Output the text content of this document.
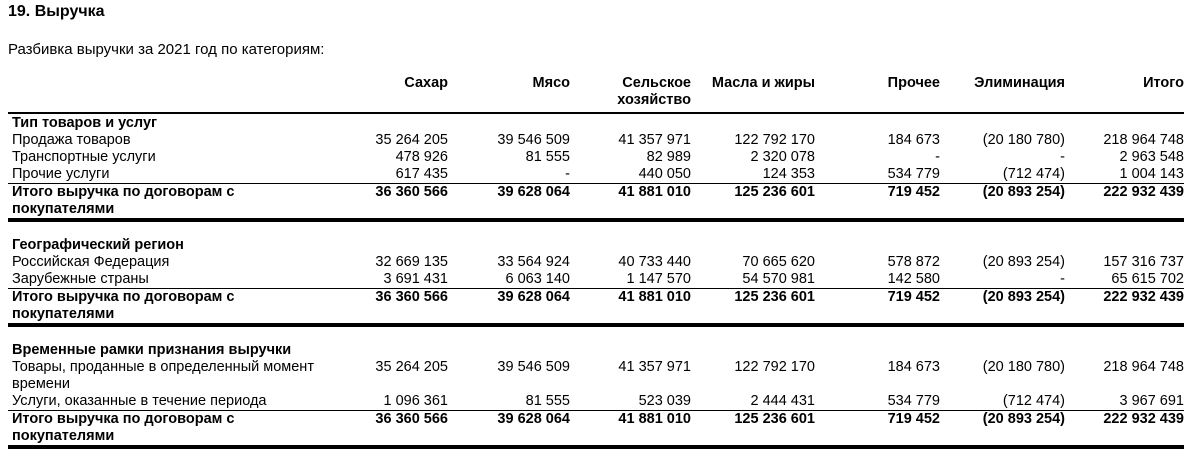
19. Выручка
Разбивка выручки за 2021 год по категориям:
	Сахар	Мясо	Сельское хозяйство	Масла и жиры	Прочее	Элиминация	Итого
Тип товаров и услуг							
Продажа товаров	35 264 205	39 546 509	41 357 971	122 792 170	184 673	(20 180 780)	218 964 748
Транспортные услуги	478 926	81 555	82 989	2 320 078	-	-	2 963 548
Прочие услуги	617 435	-	440 050	124 353	534 779	(712 474)	1 004 143
Итого выручка по договорам с покупателями	36 360 566	39 628 064	41 881 010	125 236 601	719 452	(20 893 254)	222 932 439

Географический регион							
Российская Федерация	32 669 135	33 564 924	40 733 440	70 665 620	578 872	(20 893 254)	157 316 737
Зарубежные страны	3 691 431	6 063 140	1 147 570	54 570 981	142 580	-	65 615 702
Итого выручка по договорам с покупателями	36 360 566	39 628 064	41 881 010	125 236 601	719 452	(20 893 254)	222 932 439

Временные рамки признания выручки							
Товары, проданные в определенный момент времени	35 264 205	39 546 509	41 357 971	122 792 170	184 673	(20 180 780)	218 964 748
Услуги, оказанные в течение периода	1 096 361	81 555	523 039	2 444 431	534 779	(712 474)	3 967 691
Итого выручка по договорам с покупателями	36 360 566	39 628 064	41 881 010	125 236 601	719 452	(20 893 254)	222 932 439
